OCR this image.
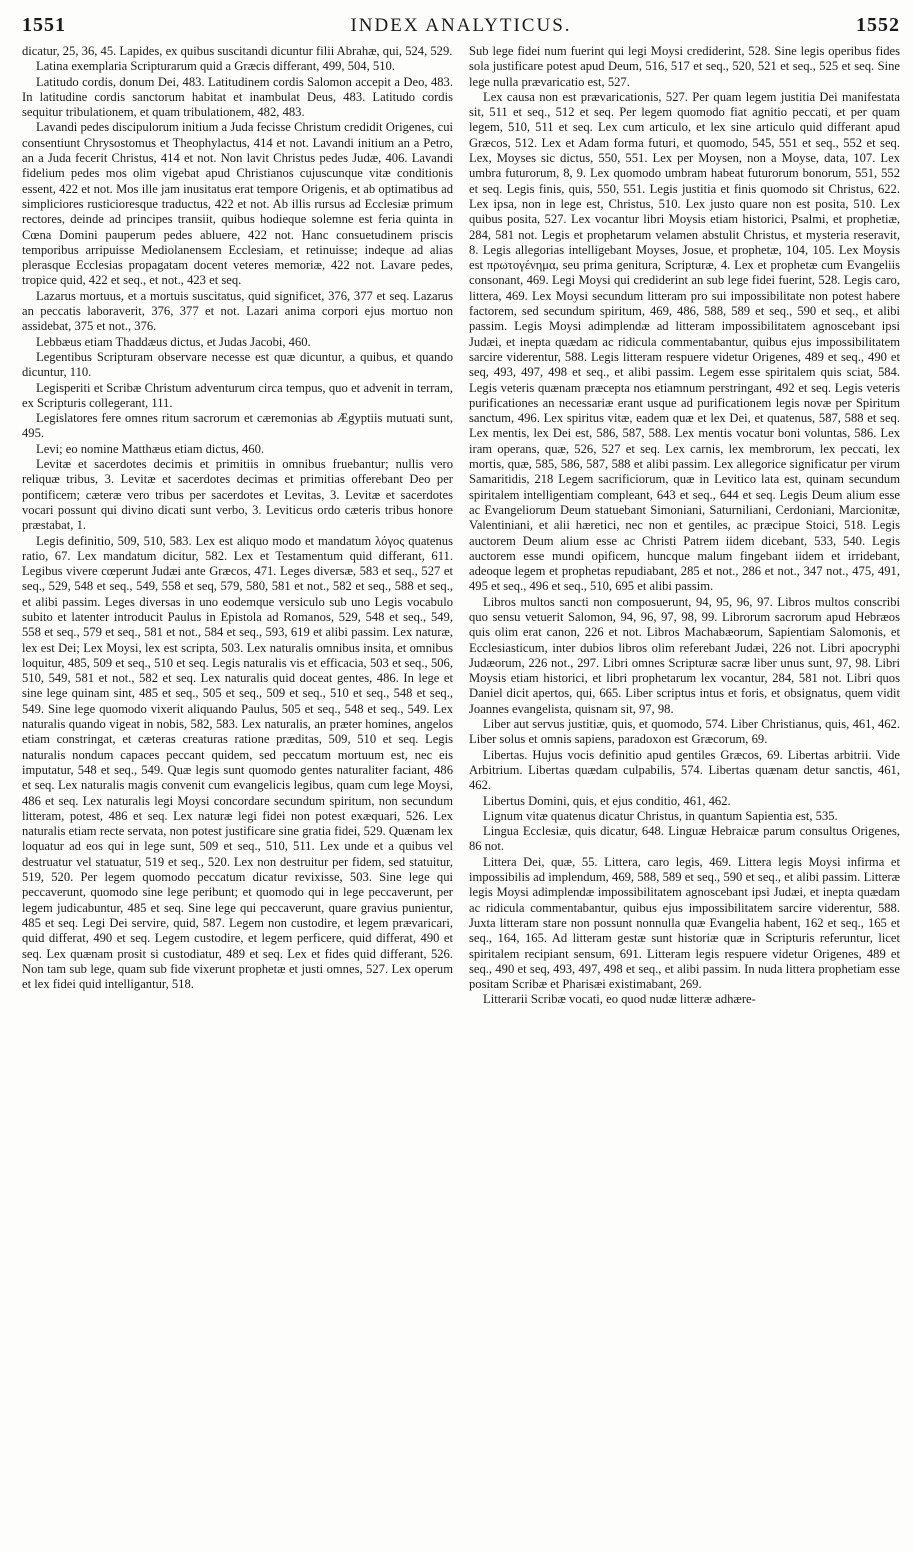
1551	INDEX ANALYTICUS.	1552

dicatur, 25, 36, 45. Lapides, ex quibus suscitandi dicuntur filii Abrahæ, qui, 524, 529.

Latina exemplaria Scripturarum quid a Græcis differant, 499, 504, 510.

Latitudo cordis, donum Dei, 483. Latitudinem cordis Salomon accepit a Deo, 483. In latitudine cordis sanctorum habitat et inambulat Deus, 483. Latitudo cordis sequitur tribulationem, et quam tribulationem, 482, 483.

Lavandi pedes discipulorum initium a Juda fecisse Christum credidit Origenes, cui consentiunt Chrysostomus et Theophylactus, 414 et not. Lavandi initium an a Petro, an a Juda fecerit Christus, 414 et not. Non lavit Christus pedes Judæ, 406. Lavandi fidelium pedes mos olim vigebat apud Christianos cujuscunque vitæ conditionis essent, 422 et not. Mos ille jam inusitatus erat tempore Origenis, et ab optimatibus ad simpliciores rusticioresque traductus, 422 et not. Ab illis rursus ad Ecclesiæ primum rectores, deinde ad principes transiit, quibus hodieque solemne est feria quinta in Cœna Domini pauperum pedes abluere, 422 not. Hanc consuetudinem priscis temporibus arripuisse Mediolanensem Ecclesiam, et retinuisse; indeque ad alias plerasque Ecclesias propagatam docent veteres memoriæ, 422 not. Lavare pedes, tropice quid, 422 et seq., et not., 423 et seq.

Lazarus mortuus, et a mortuis suscitatus, quid significet, 376, 377 et seq. Lazarus an peccatis laboraverit, 376, 377 et not. Lazari anima corpori ejus mortuo non assidebat, 375 et not., 376.

Lebbæus etiam Thaddæus dictus, et Judas Jacobi, 460.

Legentibus Scripturam observare necesse est quæ dicuntur, a quibus, et quando dicuntur, 110.

Legisperiti et Scribæ Christum adventurum circa tempus, quo et advenit in terram, ex Scripturis collegerant, 111.

Legislatores fere omnes ritum sacrorum et cæremonias ab Ægyptiis mutuati sunt, 495.

Levi; eo nomine Matthæus etiam dictus, 460.

Levitæ et sacerdotes decimis et primitiis in omnibus fruebantur; nullis vero reliquæ tribus, 3. Levitæ et sacerdotes decimas et primitias offerebant Deo per pontificem; cæteræ vero tribus per sacerdotes et Levitas, 3. Levitæ et sacerdotes vocari possunt qui divino dicati sunt verbo, 3. Leviticus ordo cæteris tribus honore præstabat, 1.

Legis definitio, 509, 510, 583. Lex est aliquo modo et mandatum λόγος quatenus ratio, 67. Lex mandatum dicitur, 582. Lex et Testamentum quid differant, 611. Legibus vivere cœperunt Judæi ante Græcos, 471. Leges diversæ, 583 et seq., 527 et seq., 529, 548 et seq., 549, 558 et seq, 579, 580, 581 et not., 582 et seq., 588 et seq., et alibi passim. Leges diversas in uno eodemque versiculo sub uno Legis vocabulo subito et latenter introducit Paulus in Epistola ad Romanos, 529, 548 et seq., 549, 558 et seq., 579 et seq., 581 et not., 584 et seq., 593, 619 et alibi passim. Lex naturæ, lex est Dei; Lex Moysi, lex est scripta, 503. Lex naturalis omnibus insita, et omnibus loquitur, 485, 509 et seq., 510 et seq. Legis naturalis vis et efficacia, 503 et seq., 506, 510, 549, 581 et not., 582 et seq. Lex naturalis quid doceat gentes, 486. In lege et sine lege quinam sint, 485 et seq., 505 et seq., 509 et seq., 510 et seq., 548 et seq., 549. Sine lege quomodo vixerit aliquando Paulus, 505 et seq., 548 et seq., 549. Lex naturalis quando vigeat in nobis, 582, 583. Lex naturalis, an præter homines, angelos etiam constringat, et cæteras creaturas ratione præditas, 509, 510 et seq. Legis naturalis nondum capaces peccant quidem, sed peccatum mortuum est, nec eis imputatur, 548 et seq., 549. Quæ legis sunt quomodo gentes naturaliter faciant, 486 et seq. Lex naturalis magis convenit cum evangelicis legibus, quam cum lege Moysi, 486 et seq. Lex naturalis legi Moysi concordare secundum spiritum, non secundum litteram, potest, 486 et seq. Lex naturæ legi fidei non potest exæquari, 526. Lex naturalis etiam recte servata, non potest justificare sine gratia fidei, 529. Quænam lex loquatur ad eos qui in lege sunt, 509 et seq., 510, 511. Lex unde et a quibus vel destruatur vel statuatur, 519 et seq., 520. Lex non destruitur per fidem, sed statuitur, 519, 520. Per legem quomodo peccatum dicatur revixisse, 503. Sine lege qui peccaverunt, quomodo sine lege peribunt; et quomodo qui in lege peccaverunt, per legem judicabuntur, 485 et seq. Sine lege qui peccaverunt, quare gravius punientur, 485 et seq. Legi Dei servire, quid, 587. Legem non custodire, et legem prævaricari, quid differat, 490 et seq. Legem custodire, et legem perficere, quid differat, 490 et seq. Lex quænam prosit si custodiatur, 489 et seq. Lex et fides quid differant, 526. Non tam sub lege, quam sub fide vixerunt prophetæ et justi omnes, 527. Lex operum et lex fidei quid intelligantur, 518.

Sub lege fidei num fuerint qui legi Moysi crediderint, 528. Sine legis operibus fides sola justificare potest apud Deum, 516, 517 et seq., 520, 521 et seq., 525 et seq. Sine lege nulla prævaricatio est, 527.

Lex causa non est prævaricationis, 527. Per quam legem justitia Dei manifestata sit, 511 et seq., 512 et seq. Per legem quomodo fiat agnitio peccati, et per quam legem, 510, 511 et seq. Lex cum articulo, et lex sine articulo quid differant apud Græcos, 512. Lex et Adam forma futuri, et quomodo, 545, 551 et seq., 552 et seq. Lex, Moyses sic dictus, 550, 551. Lex per Moysen, non a Moyse, data, 107. Lex umbra futurorum, 8, 9. Lex quomodo umbram habeat futurorum bonorum, 551, 552 et seq. Legis finis, quis, 550, 551. Legis justitia et finis quomodo sit Christus, 622. Lex ipsa, non in lege est, Christus, 510. Lex justo quare non est posita, 510. Lex quibus posita, 527. Lex vocantur libri Moysis etiam historici, Psalmi, et prophetiæ, 284, 581 not. Legis et prophetarum velamen abstulit Christus, et mysteria reseravit, 8. Legis allegorias intelligebant Moyses, Josue, et prophetæ, 104, 105. Lex Moysis est πρωτογένημα, seu prima genitura, Scripturæ, 4. Lex et prophetæ cum Evangeliis consonant, 469. Legi Moysi qui crediderint an sub lege fidei fuerint, 528. Legis caro, littera, 469. Lex Moysi secundum litteram pro sui impossibilitate non potest habere factorem, sed secundum spiritum, 469, 486, 588, 589 et seq., 590 et seq., et alibi passim. Legis Moysi adimplendæ ad litteram impossibilitatem agnoscebant ipsi Judæi, et inepta quædam ac ridicula commentabantur, quibus ejus impossibilitatem sarcire viderentur, 588. Legis litteram respuere videtur Origenes, 489 et seq., 490 et seq, 493, 497, 498 et seq., et alibi passim. Legem esse spiritalem quis sciat, 584. Legis veteris quænam præcepta nos etiamnum perstringant, 492 et seq. Legis veteris purificationes an necessariæ erant usque ad purificationem legis novæ per Spiritum sanctum, 496. Lex spiritus vitæ, eadem quæ et lex Dei, et quatenus, 587, 588 et seq. Lex mentis, lex Dei est, 586, 587, 588. Lex mentis vocatur boni voluntas, 586. Lex iram operans, quæ, 526, 527 et seq. Lex carnis, lex membrorum, lex peccati, lex mortis, quæ, 585, 586, 587, 588 et alibi passim. Lex allegorice significatur per virum Samaritidis, 218 Legem sacrificiorum, quæ in Levitico lata est, quinam secundum spiritalem intelligentiam compleant, 643 et seq., 644 et seq. Legis Deum alium esse ac Evangeliorum Deum statuebant Simoniani, Saturniliani, Cerdoniani, Marcionitæ, Valentiniani, et alii hæretici, nec non et gentiles, ac præcipue Stoici, 518. Legis auctorem Deum alium esse ac Christi Patrem iidem dicebant, 533, 540. Legis auctorem esse mundi opificem, huncque malum fingebant iidem et irridebant, adeoque legem et prophetas repudiabant, 285 et not., 286 et not., 347 not., 475, 491, 495 et seq., 496 et seq., 510, 695 et alibi passim.

Libros multos sancti non composuerunt, 94, 95, 96, 97. Libros multos conscribi quo sensu vetuerit Salomon, 94, 96, 97, 98, 99. Librorum sacrorum apud Hebræos quis olim erat canon, 226 et not. Libros Machabæorum, Sapientiam Salomonis, et Ecclesiasticum, inter dubios libros olim referebant Judæi, 226 not. Libri apocryphi Judæorum, 226 not., 297. Libri omnes Scripturæ sacræ liber unus sunt, 97, 98. Libri Moysis etiam historici, et libri prophetarum lex vocantur, 284, 581 not. Libri quos Daniel dicit apertos, qui, 665. Liber scriptus intus et foris, et obsignatus, quem vidit Joannes evangelista, quisnam sit, 97, 98.

Liber aut servus justitiæ, quis, et quomodo, 574. Liber Christianus, quis, 461, 462. Liber solus et omnis sapiens, paradoxon est Græcorum, 69.

Libertas. Hujus vocis definitio apud gentiles Græcos, 69. Libertas arbitrii. Vide Arbitrium. Libertas quædam culpabilis, 574. Libertas quænam detur sanctis, 461, 462.

Libertus Domini, quis, et ejus conditio, 461, 462.

Lignum vitæ quatenus dicatur Christus, in quantum Sapientia est, 535.

Lingua Ecclesiæ, quis dicatur, 648. Linguæ Hebraicæ parum consultus Origenes, 86 not.

Littera Dei, quæ, 55. Littera, caro legis, 469. Littera legis Moysi infirma et impossibilis ad implendum, 469, 588, 589 et seq., 590 et seq., et alibi passim. Litteræ legis Moysi adimplendæ impossibilitatem agnoscebant ipsi Judæi, et inepta quædam ac ridicula commentabantur, quibus ejus impossibilitatem sarcire viderentur, 588. Juxta litteram stare non possunt nonnulla quæ Evangelia habent, 162 et seq., 165 et seq., 164, 165. Ad litteram gestæ sunt historiæ quæ in Scripturis referuntur, licet spiritalem recipiant sensum, 691. Litteram legis respuere videtur Origenes, 489 et seq., 490 et seq, 493, 497, 498 et seq., et alibi passim. In nuda littera prophetiam esse positam Scribæ et Pharisæi existimabant, 269.

Litterarii Scribæ vocati, eo quod nudæ litteræ adhære-
